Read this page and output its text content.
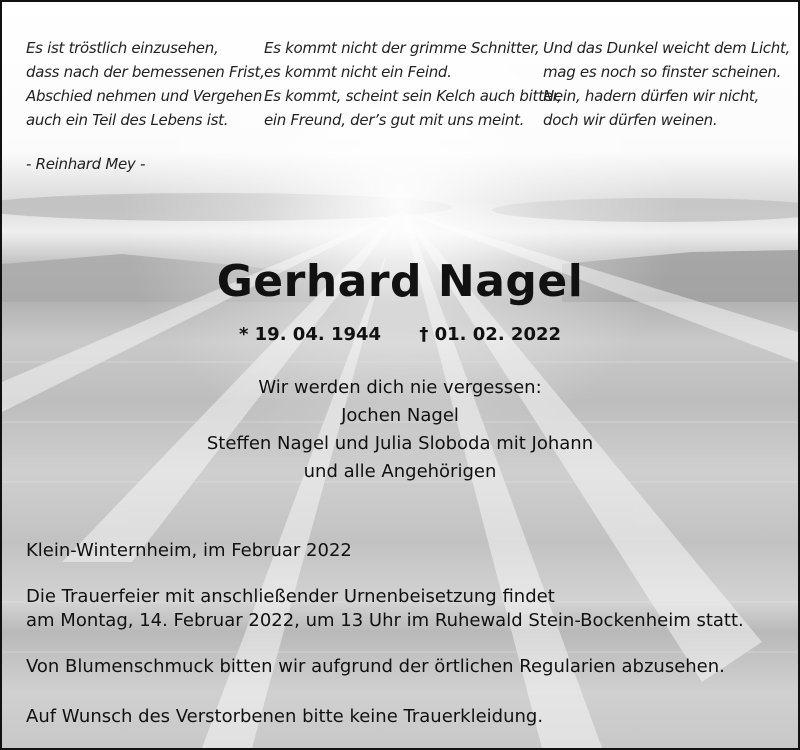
Es ist tröstlich einzusehen,
dass nach der bemessenen Frist,
Abschied nehmen und Vergehen
auch ein Teil des Lebens ist.
Es kommt nicht der grimme Schnitter,
es kommt nicht ein Feind.
Es kommt, scheint sein Kelch auch bitter,
ein Freund, der’s gut mit uns meint.
Und das Dunkel weicht dem Licht,
mag es noch so finster scheinen.
Nein, hadern dürfen wir nicht,
doch wir dürfen weinen.
- Reinhard Mey -
Gerhard Nagel
* 19. 04. 1944 † 01. 02. 2022
Wir werden dich nie vergessen:
Jochen Nagel
Steffen Nagel und Julia Sloboda mit Johann
und alle Angehörigen
Klein-Winternheim, im Februar 2022
Die Trauerfeier mit anschließender Urnenbeisetzung findet
am Montag, 14. Februar 2022, um 13 Uhr im Ruhewald Stein-Bockenheim statt.
Von Blumenschmuck bitten wir aufgrund der örtlichen Regularien abzusehen.
Auf Wunsch des Verstorbenen bitte keine Trauerkleidung.
